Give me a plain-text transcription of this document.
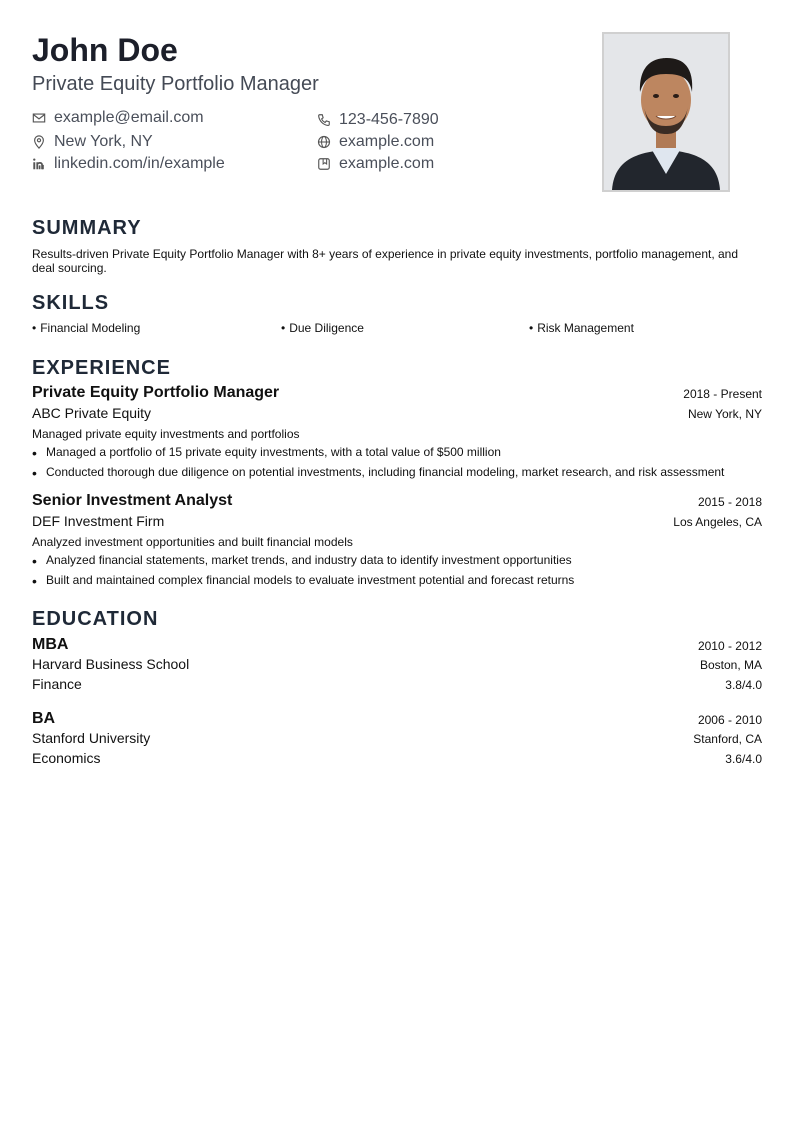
John Doe
Private Equity Portfolio Manager
example@email.com
New York, NY
linkedin.com/in/example
123-456-7890
example.com
example.com
SUMMARY
Results-driven Private Equity Portfolio Manager with 8+ years of experience in private equity investments, portfolio management, and deal sourcing.
SKILLS
• Financial Modeling	• Due Diligence	• Risk Management
EXPERIENCE
Private Equity Portfolio Manager	2018 - Present
ABC Private Equity	New York, NY
Managed private equity investments and portfolios
• Managed a portfolio of 15 private equity investments, with a total value of $500 million
• Conducted thorough due diligence on potential investments, including financial modeling, market research, and risk assessment
Senior Investment Analyst	2015 - 2018
DEF Investment Firm	Los Angeles, CA
Analyzed investment opportunities and built financial models
• Analyzed financial statements, market trends, and industry data to identify investment opportunities
• Built and maintained complex financial models to evaluate investment potential and forecast returns
EDUCATION
MBA	2010 - 2012
Harvard Business School	Boston, MA
Finance	3.8/4.0
BA	2006 - 2010
Stanford University	Stanford, CA
Economics	3.6/4.0
